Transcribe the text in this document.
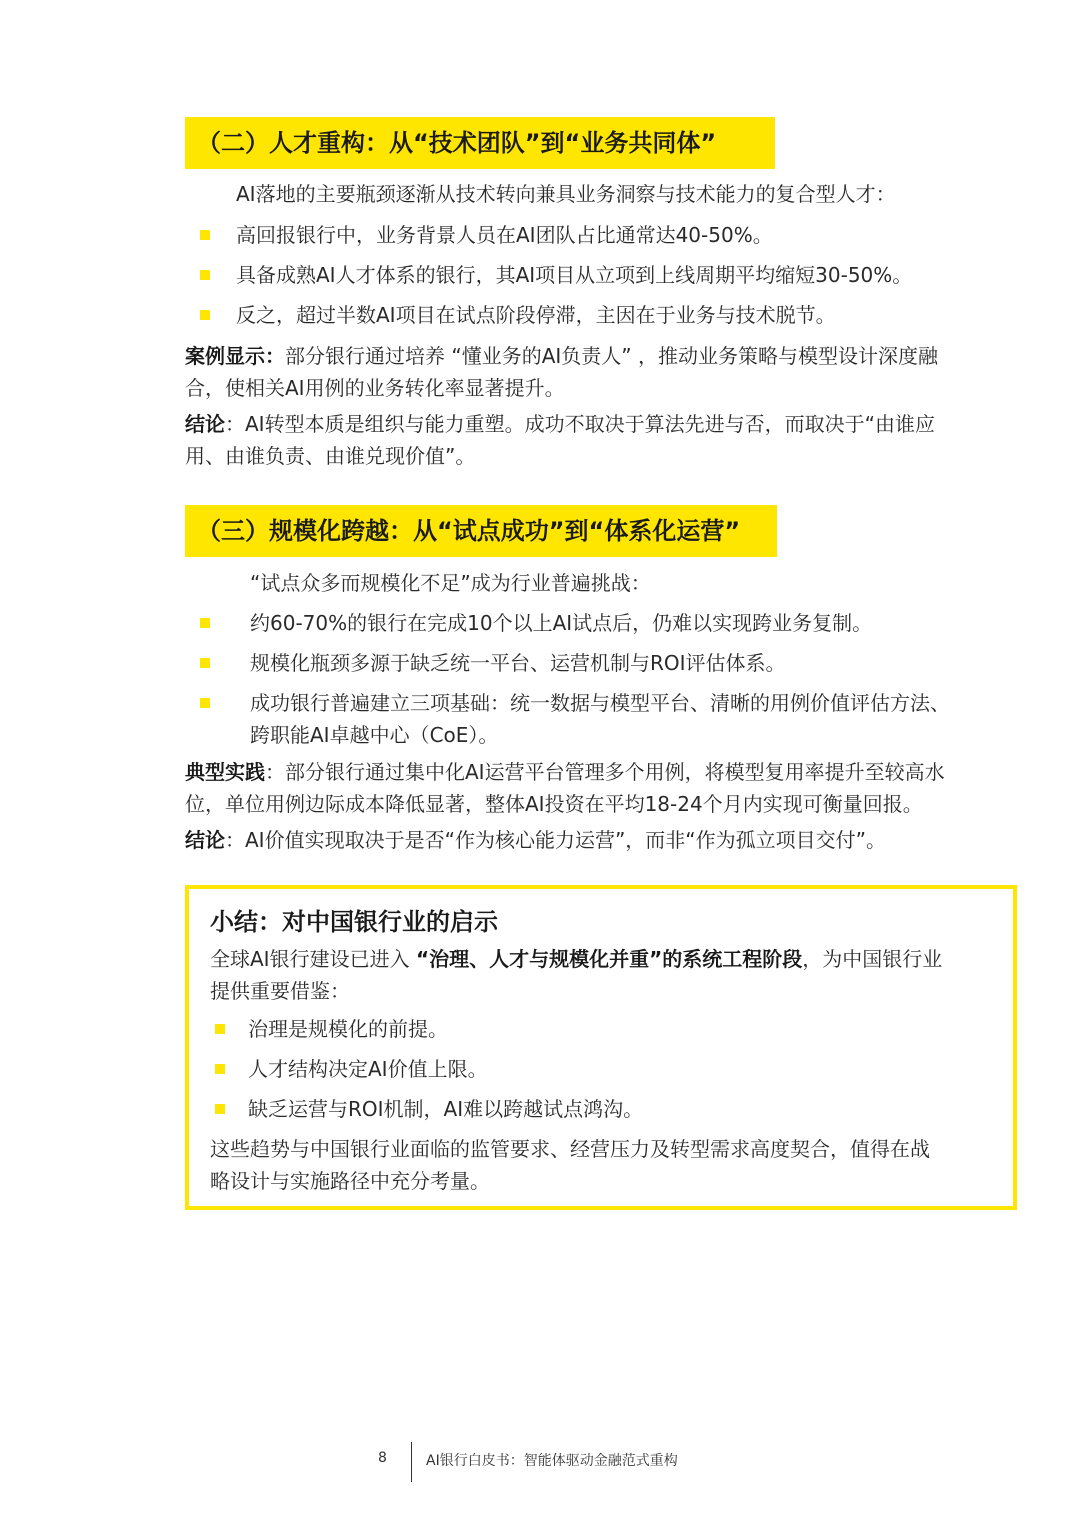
（二）人才重构：从“技术团队”到“业务共同体”
AI落地的主要瓶颈逐渐从技术转向兼具业务洞察与技术能力的复合型人才：
高回报银行中，业务背景人员在AI团队占比通常达40-50%。
具备成熟AI人才体系的银行，其AI项目从立项到上线周期平均缩短30-50%。
反之，超过半数AI项目在试点阶段停滞，主因在于业务与技术脱节。
案例显示：部分银行通过培养 “懂业务的AI负责人” ，推动业务策略与模型设计深度融
合，使相关AI用例的业务转化率显著提升。
结论：AI转型本质是组织与能力重塑。成功不取决于算法先进与否，而取决于“由谁应
用、由谁负责、由谁兑现价值”。
（三）规模化跨越：从“试点成功”到“体系化运营”
“试点众多而规模化不足”成为行业普遍挑战：
约60-70%的银行在完成10个以上AI试点后，仍难以实现跨业务复制。
规模化瓶颈多源于缺乏统一平台、运营机制与ROI评估体系。
成功银行普遍建立三项基础：统一数据与模型平台、清晰的用例价值评估方法、
跨职能AI卓越中心（CoE）。
典型实践：部分银行通过集中化AI运营平台管理多个用例，将模型复用率提升至较高水
位，单位用例边际成本降低显著，整体AI投资在平均18-24个月内实现可衡量回报。
结论：AI价值实现取决于是否“作为核心能力运营”，而非“作为孤立项目交付”。
小结：对中国银行业的启示
全球AI银行建设已进入 “治理、人才与规模化并重”的系统工程阶段，为中国银行业
提供重要借鉴：
治理是规模化的前提。
人才结构决定AI价值上限。
缺乏运营与ROI机制，AI难以跨越试点鸿沟。
这些趋势与中国银行业面临的监管要求、经营压力及转型需求高度契合，值得在战
略设计与实施路径中充分考量。
8	AI银行白皮书：智能体驱动金融范式重构
